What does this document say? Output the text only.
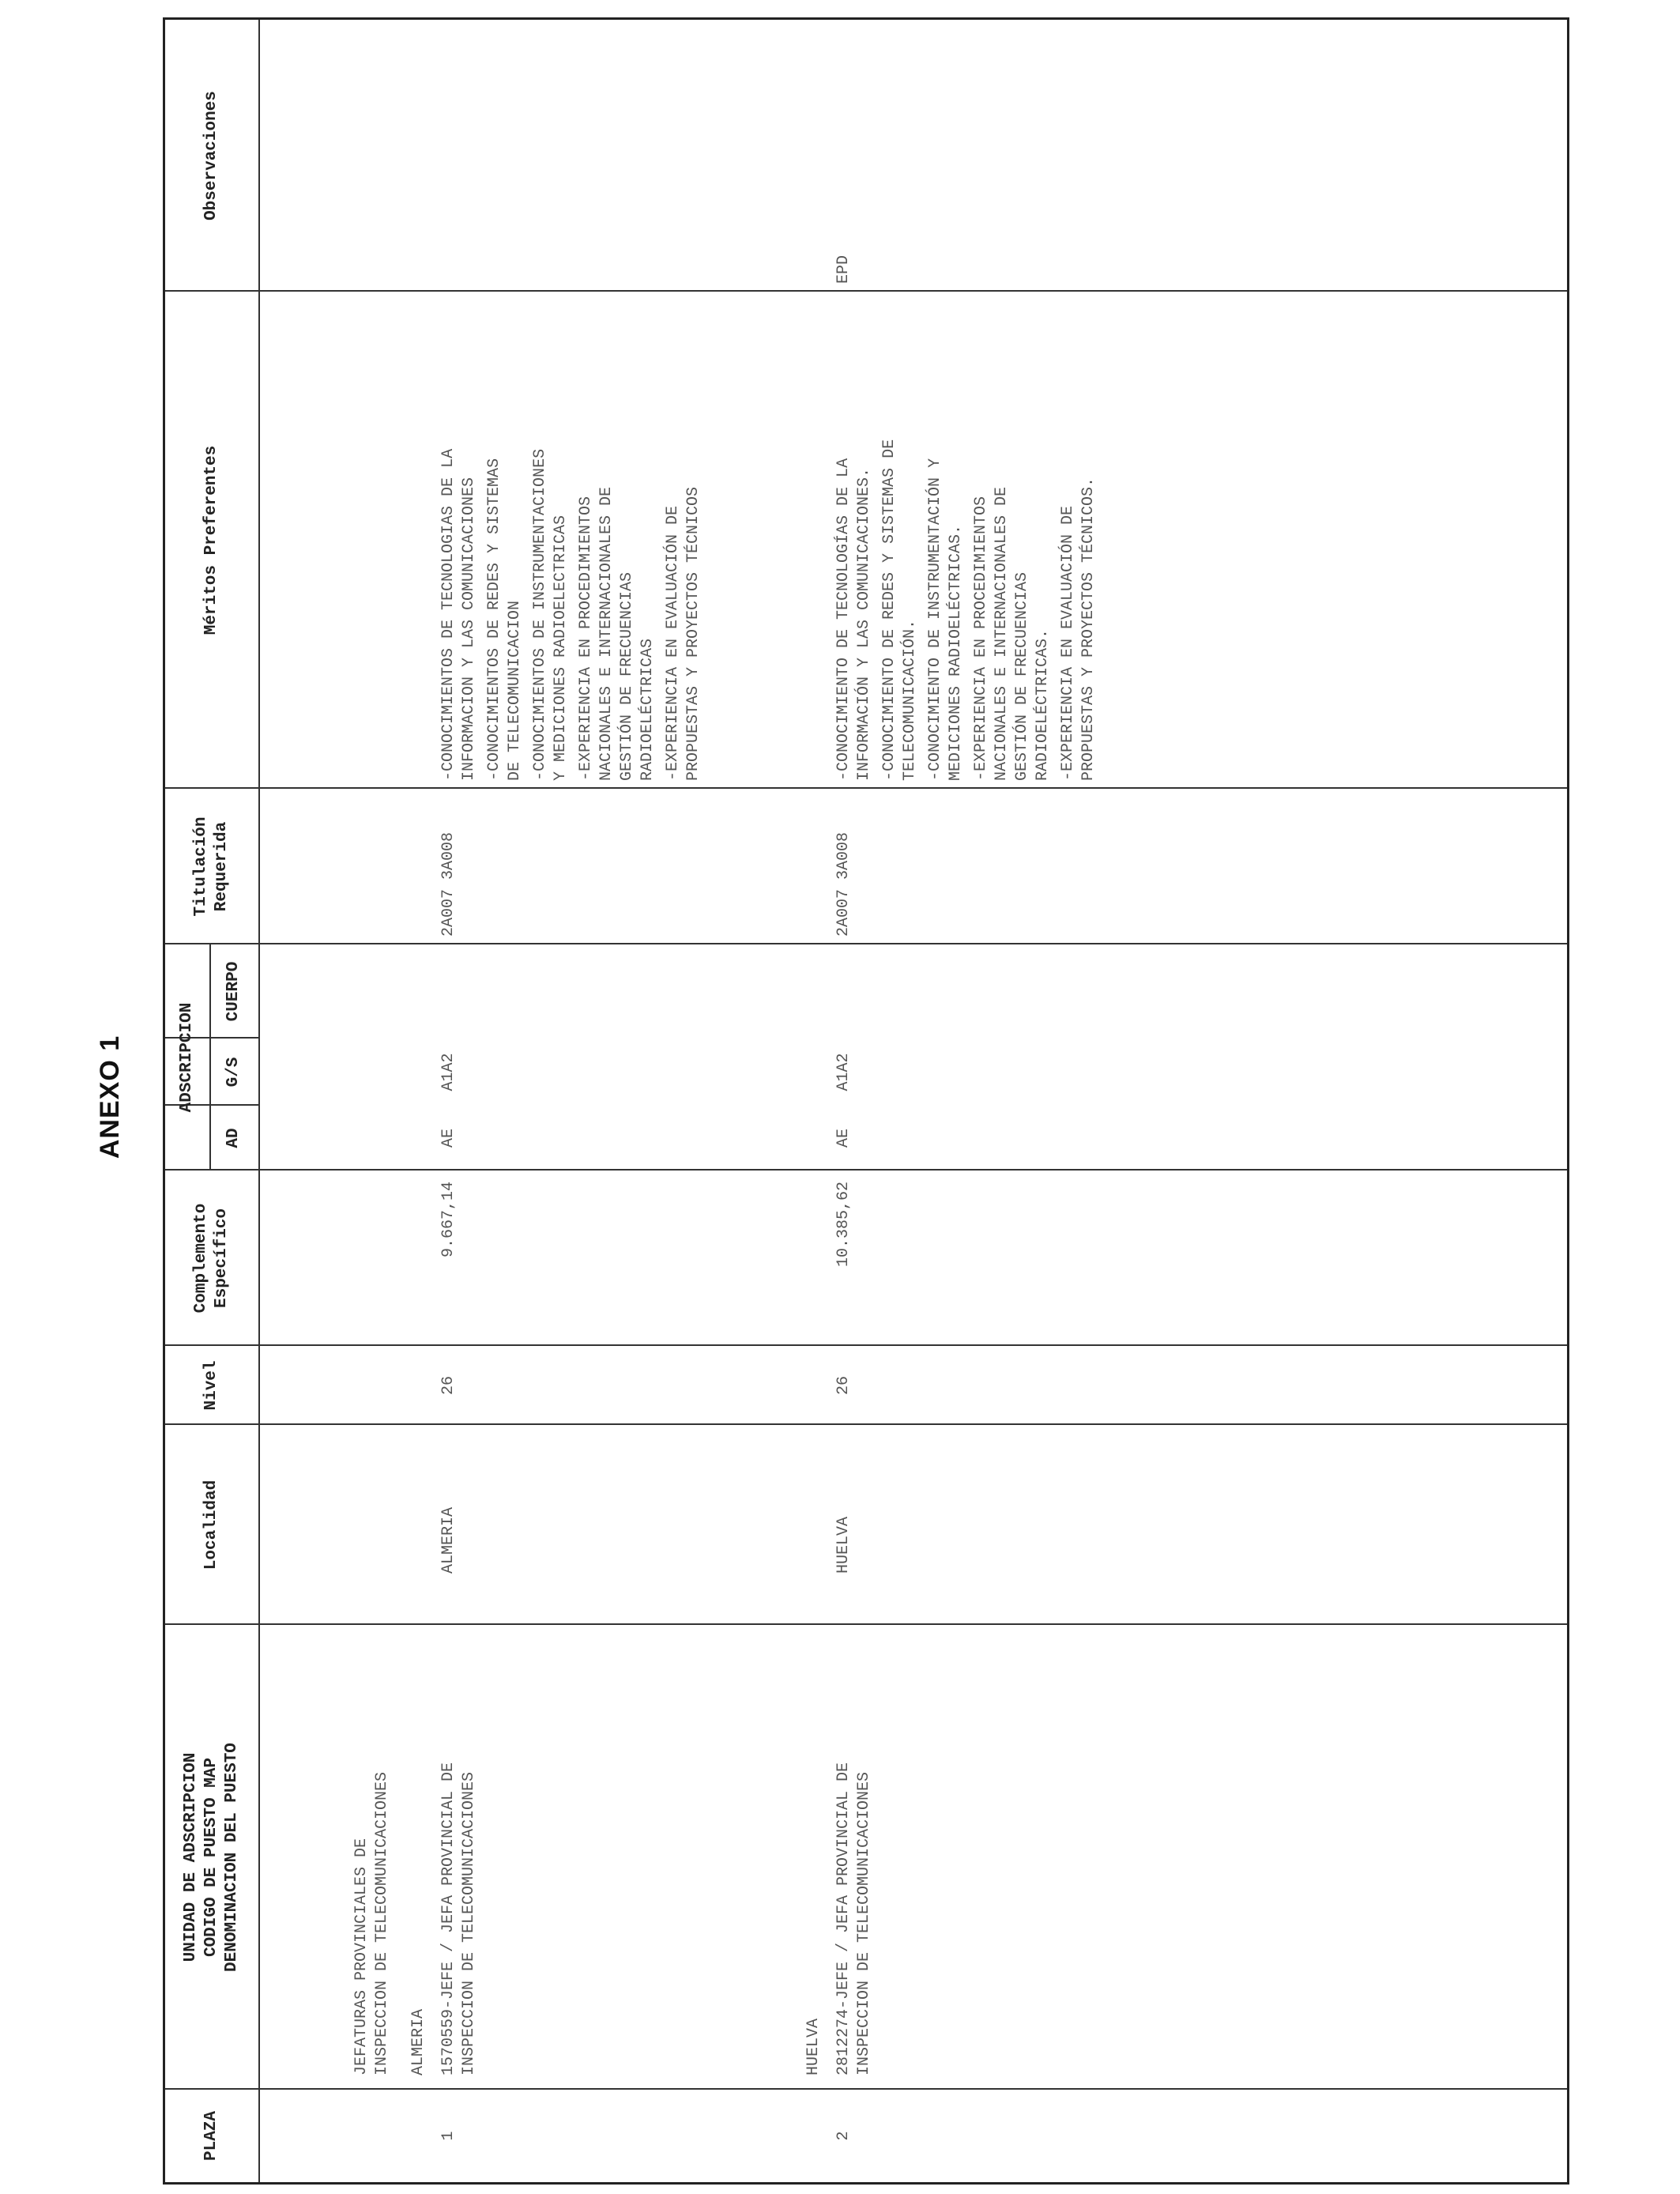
ANEXO 1
PLAZA
UNIDAD DE ADSCRIPCION
CODIGO DE PUESTO MAP
DENOMINACION DEL PUESTO
Localidad
Nivel
Complemento
Específico
ADSCRIPCION
AD
G/S
CUERPO
Titulación
Requerida
Méritos Preferentes
Observaciones
JEFATURAS PROVINCIALES DE
INSPECCION DE TELECOMUNICACIONES
ALMERIA
1
1570559-JEFE / JEFA PROVINCIAL DE
INSPECCION DE TELECOMUNICACIONES
ALMERIA
26
9.667,14
AE
A1A2
2A007 3A008
-CONOCIMIENTOS DE TECNOLOGIAS DE LA
INFORMACION Y LAS COMUNICACIONES
-CONOCIMIENTOS DE REDES Y SISTEMAS
DE TELECOMUNICACION -CONOCIMIENTOS DE INSTRUMENTACIONES
Y MEDICIONES RADIOELECTRICAS
-EXPERIENCIA EN PROCEDIMIENTOS
NACIONALES E INTERNACIONALES DE
GESTIÓN DE FRECUENCIAS
RADIOELÉCTRICAS -EXPERIENCIA EN EVALUACIÓN DE
PROPUESTAS Y PROYECTOS TÉCNICOS
HUELVA
2
2812274-JEFE / JEFA PROVINCIAL DE
INSPECCION DE TELECOMUNICACIONES
HUELVA
26
10.385,62
AE
A1A2
2A007 3A008
-CONOCIMIENTO DE TECNOLOGÍAS DE LA
INFORMACIÓN Y LAS COMUNICACIONES.
-CONOCIMIENTO DE REDES Y SISTEMAS DE
TELECOMUNICACIÓN. -CONOCIMIENTO DE INSTRUMENTACIÓN Y
MEDICIONES RADIOELÉCTRICAS.
-EXPERIENCIA EN PROCEDIMIENTOS
NACIONALES E INTERNACIONALES DE
GESTIÓN DE FRECUENCIAS
RADIOELÉCTRICAS. -EXPERIENCIA EN EVALUACIÓN DE
PROPUESTAS Y PROYECTOS TÉCNICOS.
EPD
